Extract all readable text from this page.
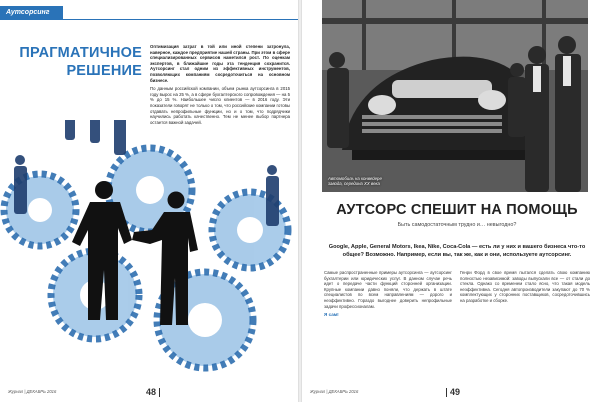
Аутсорсинг
ПРАГМАТИЧНОЕ
РЕШЕНИЕ

Оптимизация затрат в той или иной степени затронула, наверное, каждое предприятие нашей страны. При этом в сфере специализированных сервисов наметился рост. По оценкам экспертов, в ближайшие годы эта тенденция сохранится. Аутсорсинг стал одним из эффективных инструментов, позволяющих компаниям сосредоточиться на основном бизнесе.

По данным российской компании, объем рынка аутсорсинга в 2015 году вырос на 25 %, а в сфере бухгалтерского сопровождения — на 5 % до 15 %. Наибольшее число клиентов — в 2016 году. Эти показатели говорят не только о том, что российские компании готовы отдавать непрофильные функции, но и о том, что подрядчики научились работать качественно. Тем не менее выбор партнера остается важной задачей.

Журнал | ДЕКАБРЬ 2016	48
Автомобиль на конвейере завода, середина XX века
АУТСОРС СПЕШИТ НА ПОМОЩЬ
Быть самодостаточным трудно и… невыгодно?
Google, Apple, General Motors, Ikea, Nike, Coca-Cola — есть ли у них и вашего бизнеса что-то общее? Возможно. Например, если вы, так же, как и они, используете аутсорсинг.

Самые распространенные примеры аутсорсинга — аутсорсинг бухгалтерии или юридических услуг. В данном случае речь идет о передаче части функций сторонней организации. Крупные компании давно поняли, что держать в штате специалистов по всем направлениям — дорого и неэффективно. Гораздо выгоднее доверить непрофильные задачи профессионалам.

Я сам!

Генри Форд в свое время пытался сделать свою компанию полностью независимой: заводы выпускали все — от стали до стекла. Однако со временем стало ясно, что такая модель неэффективна. Сегодня автопроизводители закупают до 70 % комплектующих у сторонних поставщиков, сосредоточившись на разработке и сборке.

Журнал | ДЕКАБРЬ 2016	49
